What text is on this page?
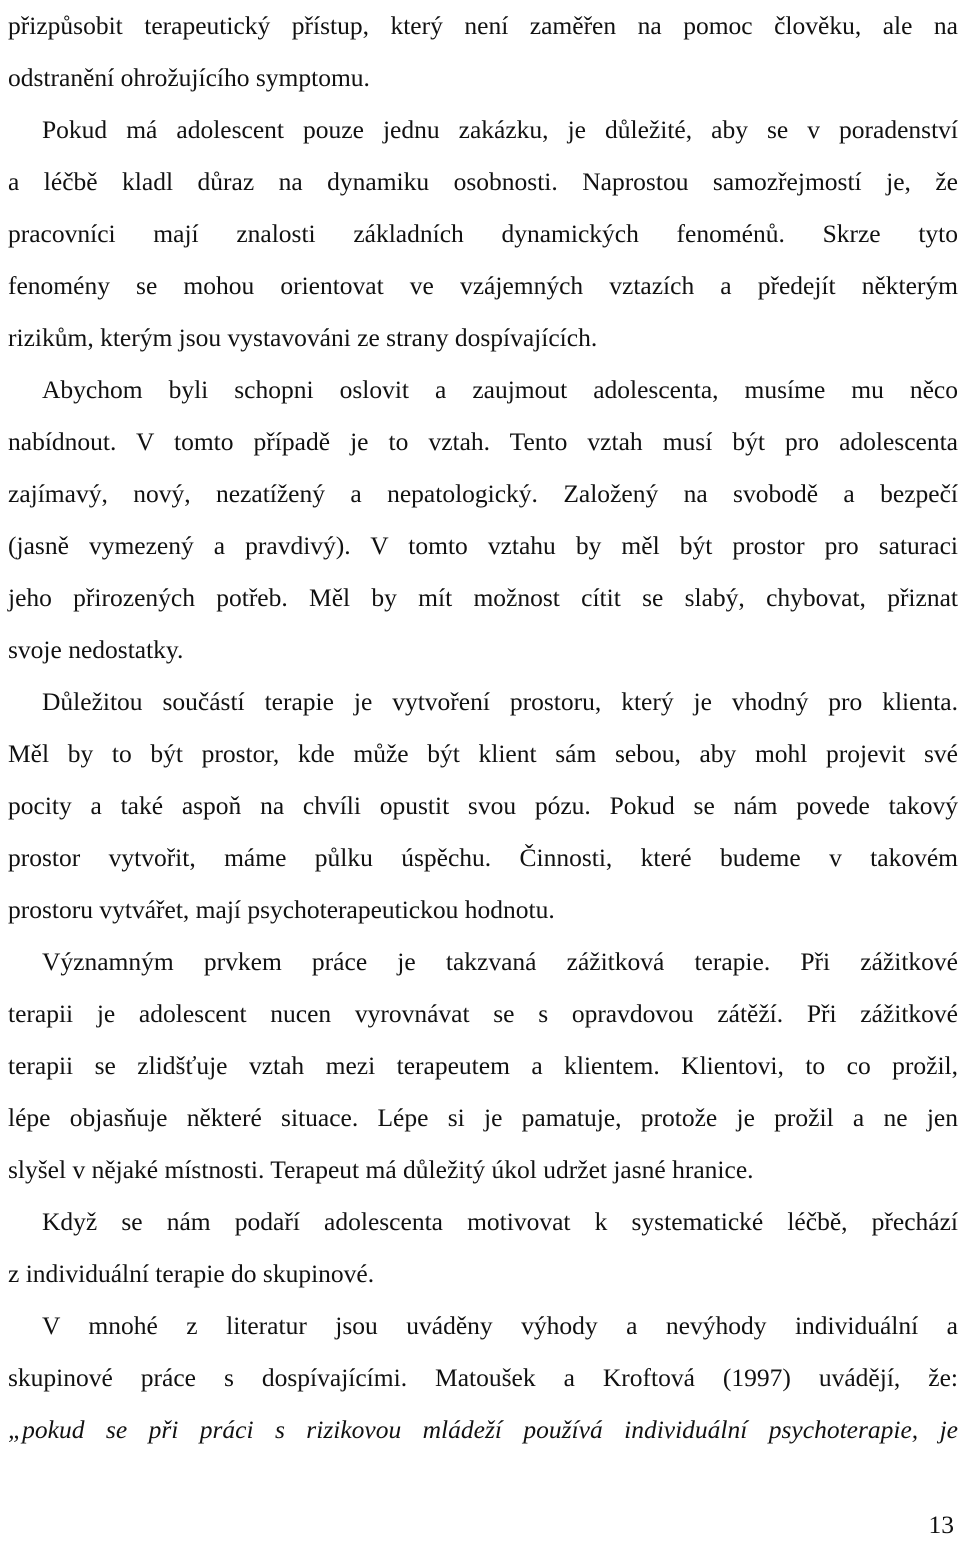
přizpůsobit terapeutický přístup, který není zaměřen na pomoc člověku, ale na
odstranění ohrožujícího symptomu.
Pokud má adolescent pouze jednu zakázku, je důležité, aby se v poradenství
a léčbě kladl důraz na dynamiku osobnosti. Naprostou samozřejmostí je, že
pracovníci mají znalosti základních dynamických fenoménů. Skrze tyto
fenomény se mohou orientovat ve vzájemných vztazích a předejít některým
rizikům, kterým jsou vystavováni ze strany dospívajících.
Abychom byli schopni oslovit a zaujmout adolescenta, musíme mu něco
nabídnout. V tomto případě je to vztah. Tento vztah musí být pro adolescenta
zajímavý, nový, nezatížený a nepatologický. Založený na svobodě a bezpečí
(jasně vymezený a pravdivý). V tomto vztahu by měl být prostor pro saturaci
jeho přirozených potřeb. Měl by mít možnost cítit se slabý, chybovat, přiznat
svoje nedostatky.
Důležitou součástí terapie je vytvoření prostoru, který je vhodný pro klienta.
Měl by to být prostor, kde může být klient sám sebou, aby mohl projevit své
pocity a také aspoň na chvíli opustit svou pózu. Pokud se nám povede takový
prostor vytvořit, máme půlku úspěchu. Činnosti, které budeme v takovém
prostoru vytvářet, mají psychoterapeutickou hodnotu.
Významným prvkem práce je takzvaná zážitková terapie. Při zážitkové
terapii je adolescent nucen vyrovnávat se s opravdovou zátěží. Při zážitkové
terapii se zlidšťuje vztah mezi terapeutem a klientem. Klientovi, to co prožil,
lépe objasňuje některé situace. Lépe si je pamatuje, protože je prožil a ne jen
slyšel v nějaké místnosti. Terapeut má důležitý úkol udržet jasné hranice.
Když se nám podaří adolescenta motivovat k systematické léčbě, přechází
z individuální terapie do skupinové.
V mnohé z literatur jsou uváděny výhody a nevýhody individuální a
skupinové práce s dospívajícími. Matoušek a Kroftová (1997) uvádějí, že:
„pokud se při práci s rizikovou mládeží používá individuální psychoterapie, je
13
